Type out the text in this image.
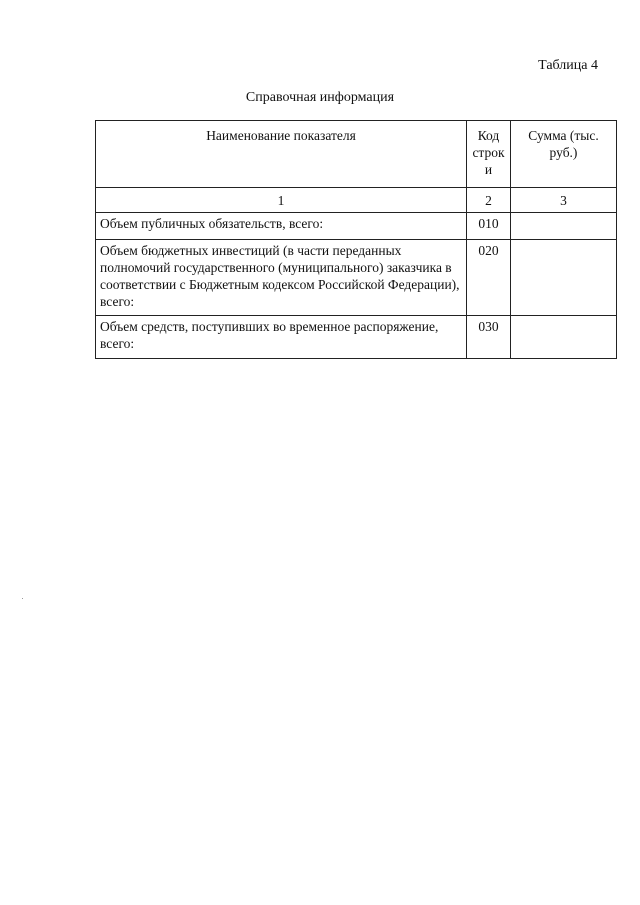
Таблица 4
Справочная информация
Наименование показателя	Код строк и	Сумма (тыс. руб.)
1	2	3
Объем публичных обязательств, всего:	010	
Объем бюджетных инвестиций (в части переданных полномочий государственного (муниципального) заказчика в соответствии с Бюджетным кодексом Российской Федерации), всего:	020	
Объем средств, поступивших во временное распоряжение, всего:	030	
